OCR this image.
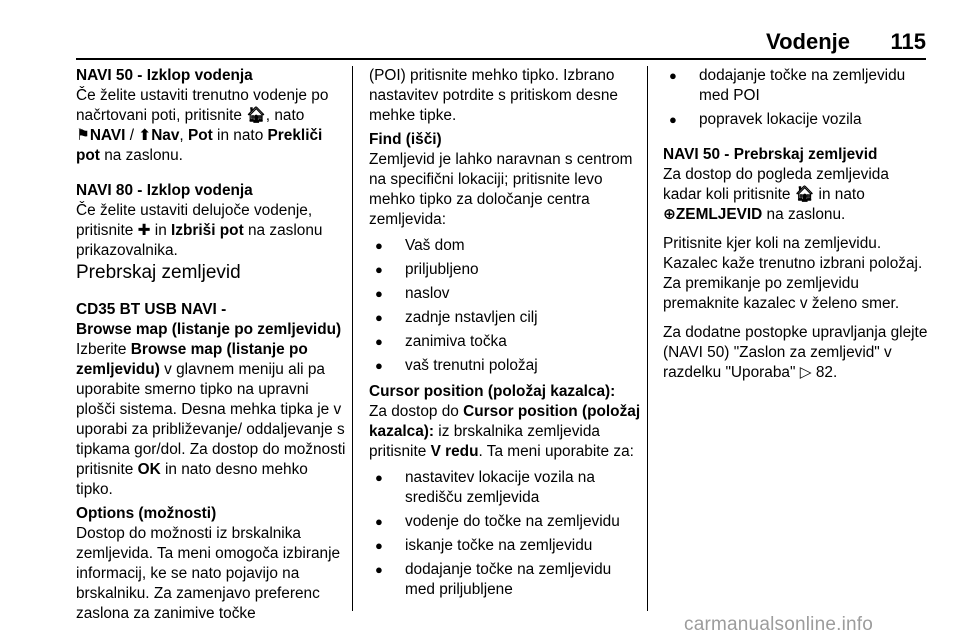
Vodenje	115

NAVI 50 - Izklop vodenja

Če želite ustaviti trenutno vodenje po načrtovani poti, pritisnite 🏠︎, nato
⚑NAVI / ⬆︎Nav, Pot in nato Prekliči pot na zaslonu.

NAVI 80 - Izklop vodenja

Če želite ustaviti delujoče vodenje, pritisnite ✚ in Izbriši pot na zaslonu prikazovalnika.

Prebrskaj zemljevid

CD35 BT USB NAVI -
Browse map (listanje po zemljevidu)

Izberite Browse map (listanje po zemljevidu) v glavnem meniju ali pa uporabite smerno tipko na upravni plošči sistema. Desna mehka tipka je v uporabi za približevanje/ oddaljevanje s tipkama gor/dol. Za dostop do možnosti pritisnite OK in nato desno mehko tipko.

Options (možnosti)

Dostop do možnosti iz brskalnika zemljevida. Ta meni omogoča izbiranje informacij, ke se nato pojavijo na brskalniku. Za zamenjavo preferenc zaslona za zanimive točke

(POI) pritisnite mehko tipko. Izbrano nastavitev potrdite s pritiskom desne mehke tipke.

Find (išči)

Zemljevid je lahko naravnan s centrom na specifični lokaciji; pritisnite levo mehko tipko za določanje centra zemljevida:

● Vaš dom
● priljubljeno
● naslov
● zadnje nstavljen cilj
● zanimiva točka
● vaš trenutni položaj

Cursor position (položaj kazalca):

Za dostop do Cursor position (položaj kazalca): iz brskalnika zemljevida pritisnite V redu. Ta meni uporabite za:

● nastavitev lokacije vozila na središču zemljevida
● vodenje do točke na zemljevidu
● iskanje točke na zemljevidu
● dodajanje točke na zemljevidu med priljubljene
● dodajanje točke na zemljevidu med POI
● popravek lokacije vozila

NAVI 50 - Prebrskaj zemljevid

Za dostop do pogleda zemljevida kadar koli pritisnite 🏠︎ in nato
⊕ZEMLJEVID na zaslonu.

Pritisnite kjer koli na zemljevidu. Kazalec kaže trenutno izbrani položaj. Za premikanje po zemljevidu premaknite kazalec v želeno smer.

Za dodatne postopke upravljanja glejte (NAVI 50) "Zaslon za zemljevid" v razdelku "Uporaba" ▷ 82.

carmanualsonline.info
